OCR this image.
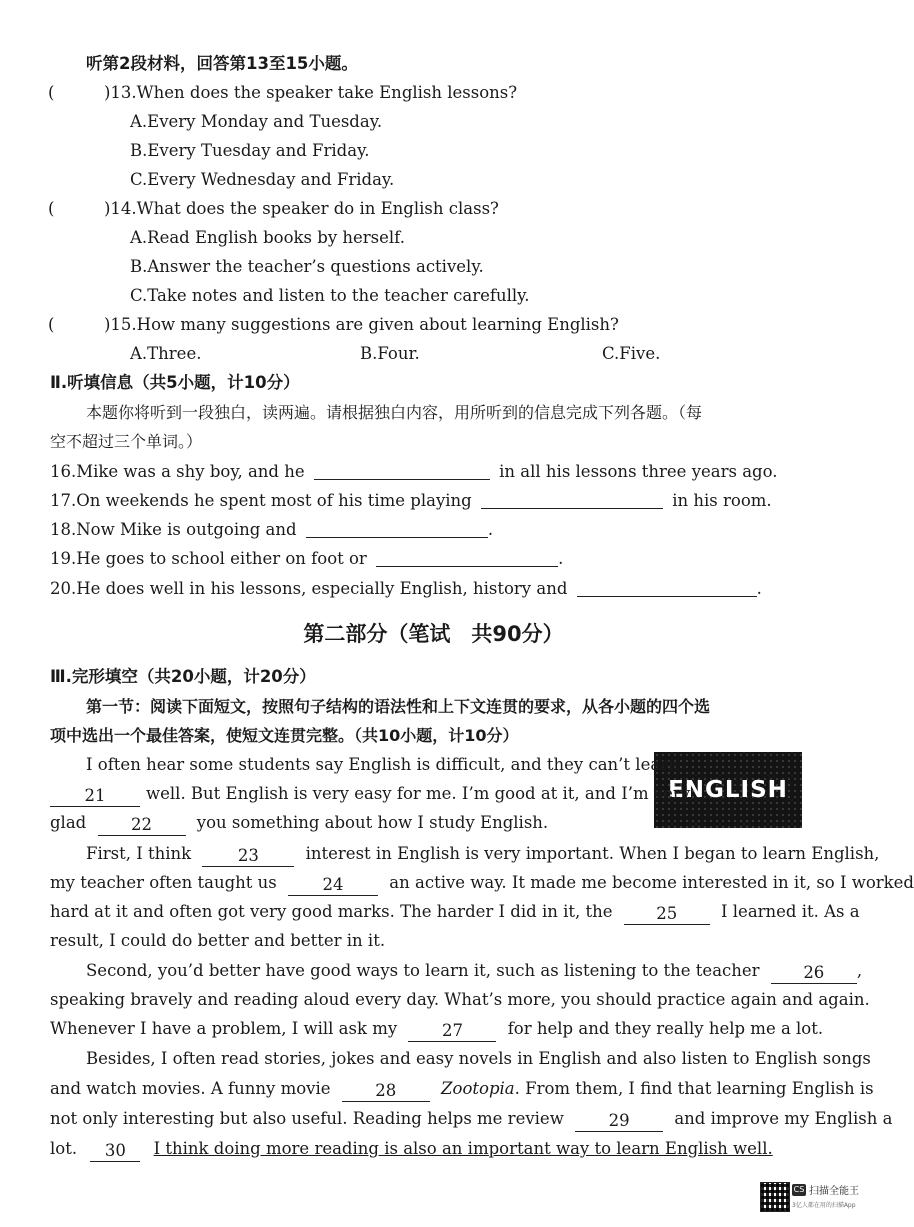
听第2段材料，回答第13至15小题。
(	)13.When does the speaker take English lessons?
A.Every Monday and Tuesday.
B.Every Tuesday and Friday.
C.Every Wednesday and Friday.
(	)14.What does the speaker do in English class?
A.Read English books by herself.
B.Answer the teacher’s questions actively.
C.Take notes and listen to the teacher carefully.
(	)15.How many suggestions are given about learning English?
A.Three.	B.Four.	C.Five.
Ⅱ.听填信息（共5小题，计10分）
本题你将听到一段独白，读两遍。请根据独白内容，用所听到的信息完成下列各题。（每
空不超过三个单词。）
16.Mike was a shy boy, and he	in all his lessons three years ago.
17.On weekends he spent most of his time playing	in his room.
18.Now Mike is outgoing and	.
19.He goes to school either on foot or	.
20.He does well in his lessons, especially English, history and	.
第二部分（笔试　共90分）
Ⅲ.完形填空（共20小题，计20分）
第一节：阅读下面短文，按照句子结构的语法性和上下文连贯的要求，从各小题的四个选
项中选出一个最佳答案，使短文连贯完整。（共10小题，计10分）
ENGLISH
I often hear some students say English is difficult, and they can’t learn
21 well. But English is very easy for me. I’m good at it, and I’m very
glad	22	you something about how I study English.
First, I think	23	interest in English is very important. When I began to learn English,
my teacher often taught us	24	an active way. It made me become interested in it, so I worked
hard at it and often got very good marks. The harder I did in it, the	25	I learned it. As a
result, I could do better and better in it.
Second, you’d better have good ways to learn it, such as listening to the teacher	26 ,
speaking bravely and reading aloud every day. What’s more, you should practice again and again.
Whenever I have a problem, I will ask my	27	for help and they really help me a lot.
Besides, I often read stories, jokes and easy novels in English and also listen to English songs
and watch movies. A funny movie	28	Zootopia. From them, I find that learning English is
not only interesting but also useful. Reading helps me review	29	and improve my English a
lot. 30 I think doing more reading is also an important way to learn English well.
CS 扫描全能王
3亿人都在用的扫描App
